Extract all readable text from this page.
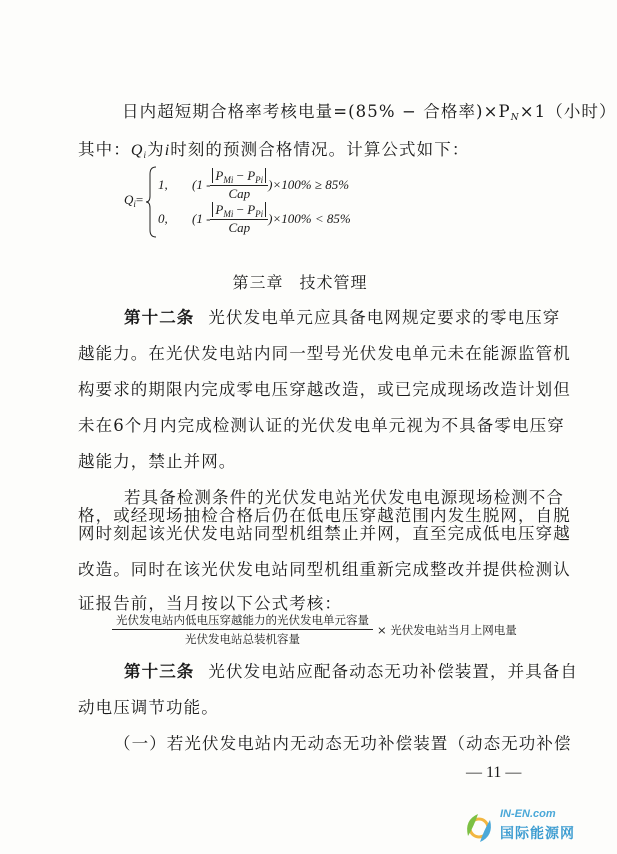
日内超短期合格率考核电量=(85% − 合格率)$\times P_N\times 1$（小时）
其中：$Q_i$为i时刻的预测合格情况。计算公式如下：
$Q_i=$
1,	$(1 - \frac{P_{Mi} - P_{Pi}}{\text{Cap}} )\times 100\% \ge 85\%$
0,	$(1 - \frac{P_{Mi} - P_{Pi}}{\text{Cap}} )\times 100\% < 85\%$
第三章 技术管理
第十二条 光伏发电单元应具备电网规定要求的零电压穿
越能力。在光伏发电站内同一型号光伏发电单元未在能源监管机
构要求的期限内完成零电压穿越改造，或已完成现场改造计划但
未在6个月内完成检测认证的光伏发电单元视为不具备零电压穿
越能力，禁止并网。
若具备检测条件的光伏发电站光伏发电电源现场检测不合
格，或经现场抽检合格后仍在低电压穿越范围内发生脱网，自脱
网时刻起该光伏发电站同型机组禁止并网，直至完成低电压穿越
改造。同时在该光伏发电站同型机组重新完成整改并提供检测认
证报告前，当月按以下公式考核：
$\frac{\text{光伏发电站内低电压穿越能力的光伏发电单元容量}}{\text{光伏发电站总装机容量}}$ × 光伏发电站当月上网电量
第十三条 光伏发电站应配备动态无功补偿装置，并具备自
动电压调节功能。
（一）若光伏发电站内无动态无功补偿装置（动态无功补偿
— 11 —
IN-EN.com
国际能源网
